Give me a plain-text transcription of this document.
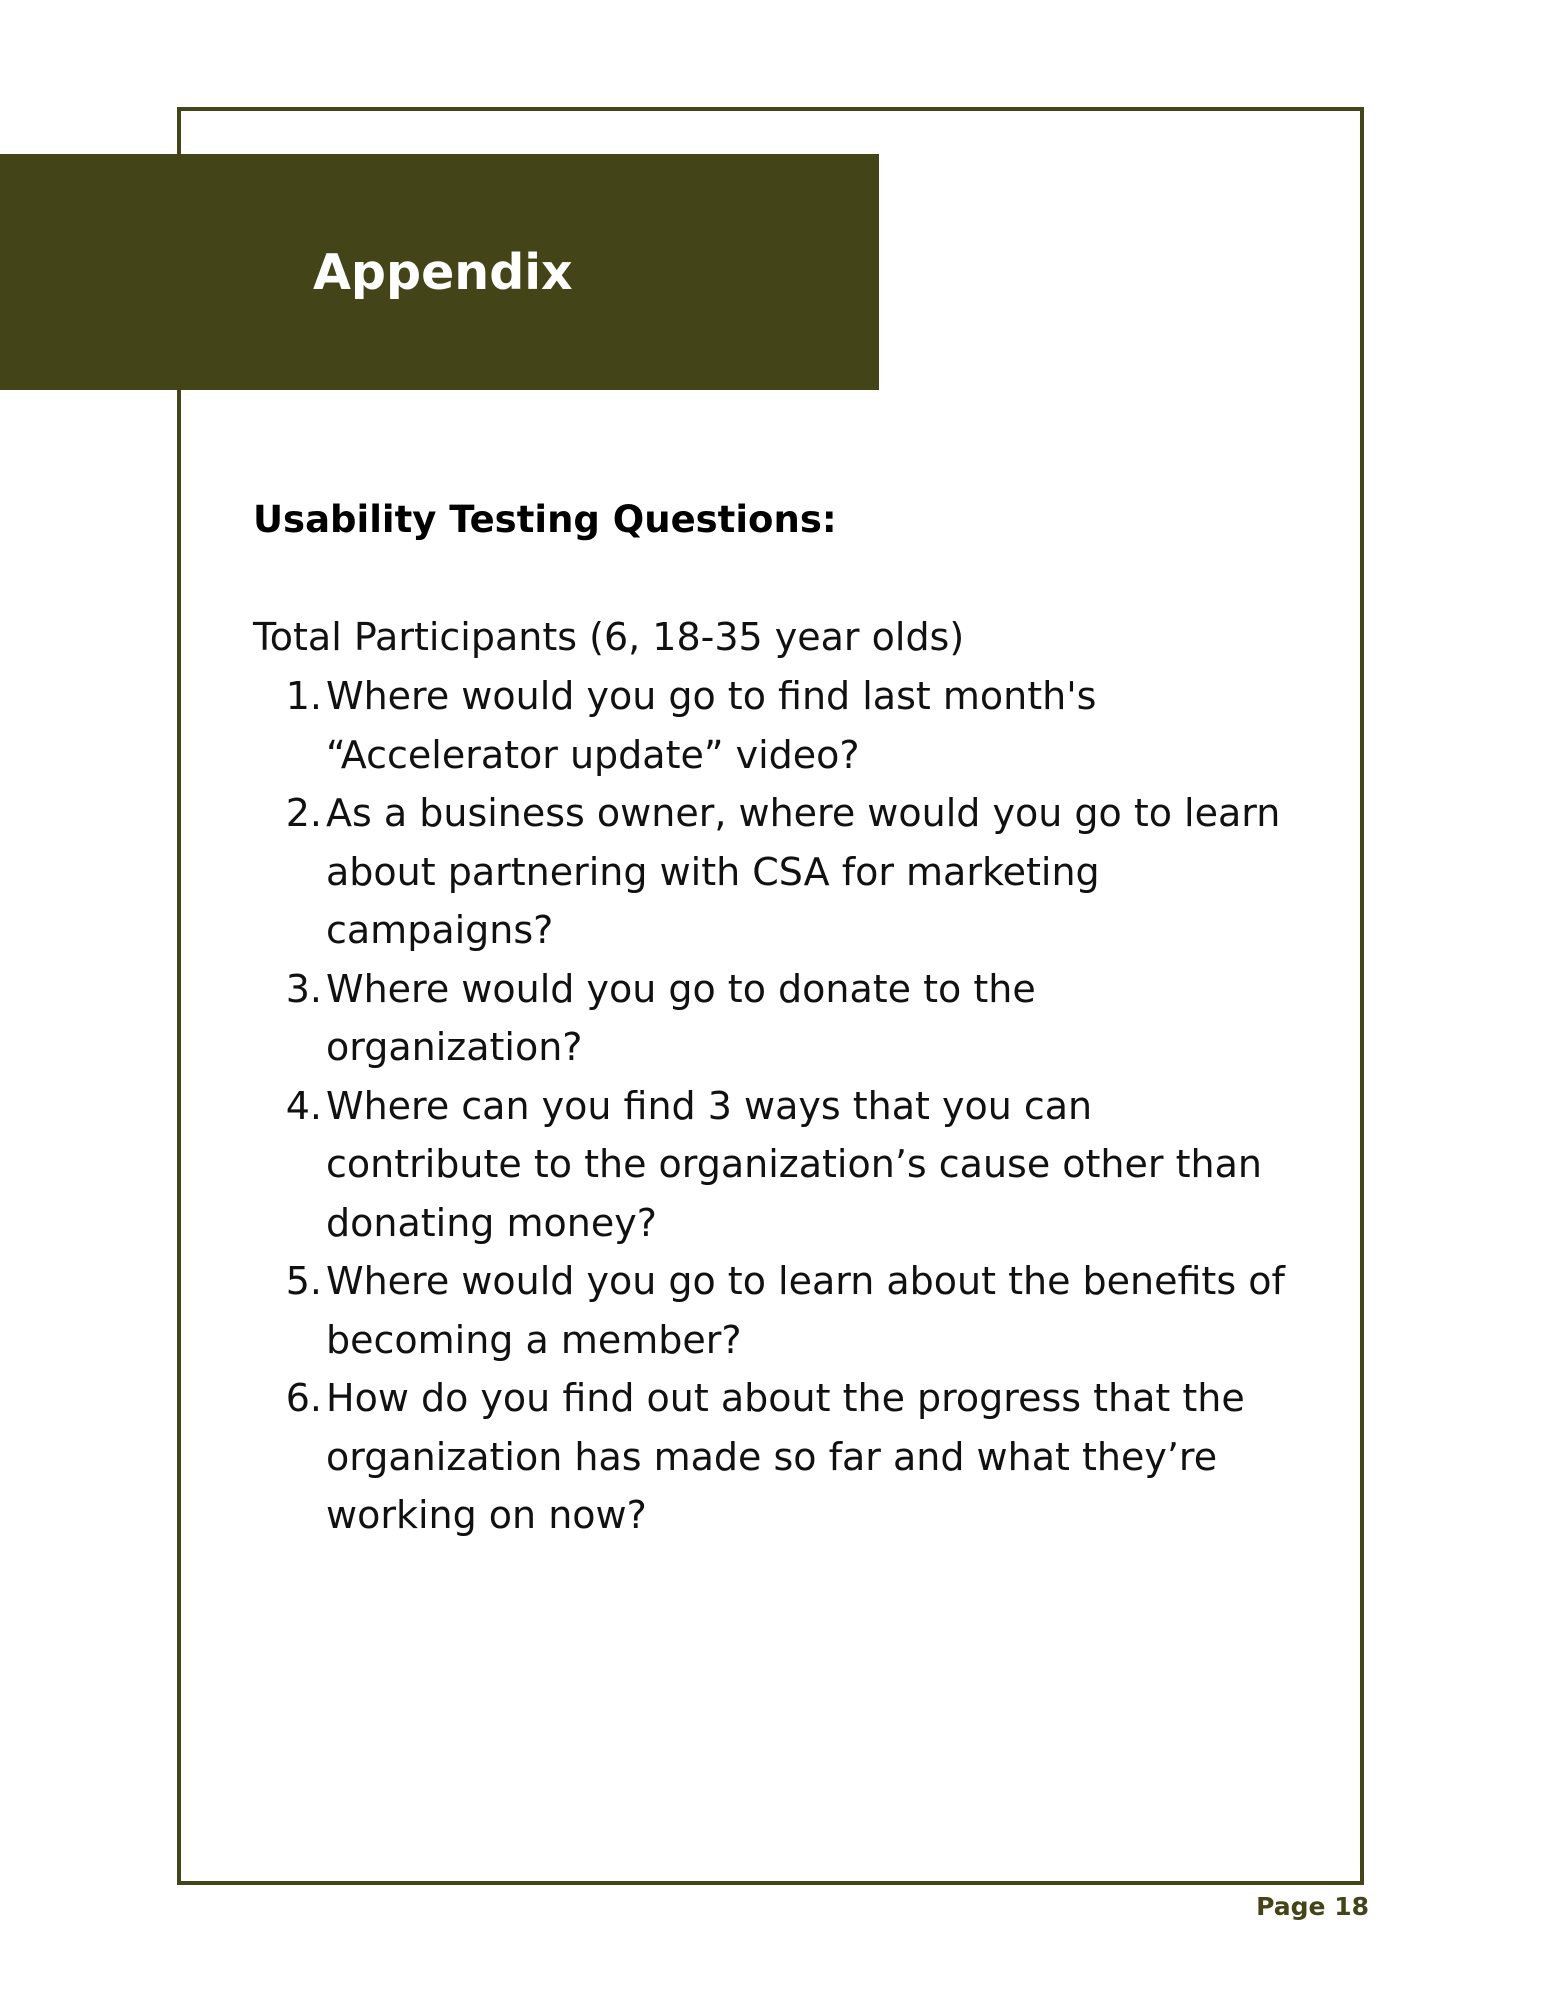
Appendix
Usability Testing Questions:

Total Participants (6, 18-35 year olds)

1. Where would you go to find last month's “Accelerator update” video?
2. As a business owner, where would you go to learn about partnering with CSA for marketing campaigns?
3. Where would you go to donate to the organization?
4. Where can you find 3 ways that you can contribute to the organization’s cause other than donating money?
5. Where would you go to learn about the benefits of becoming a member?
6. How do you find out about the progress that the organization has made so far and what they’re working on now?

Page 18
